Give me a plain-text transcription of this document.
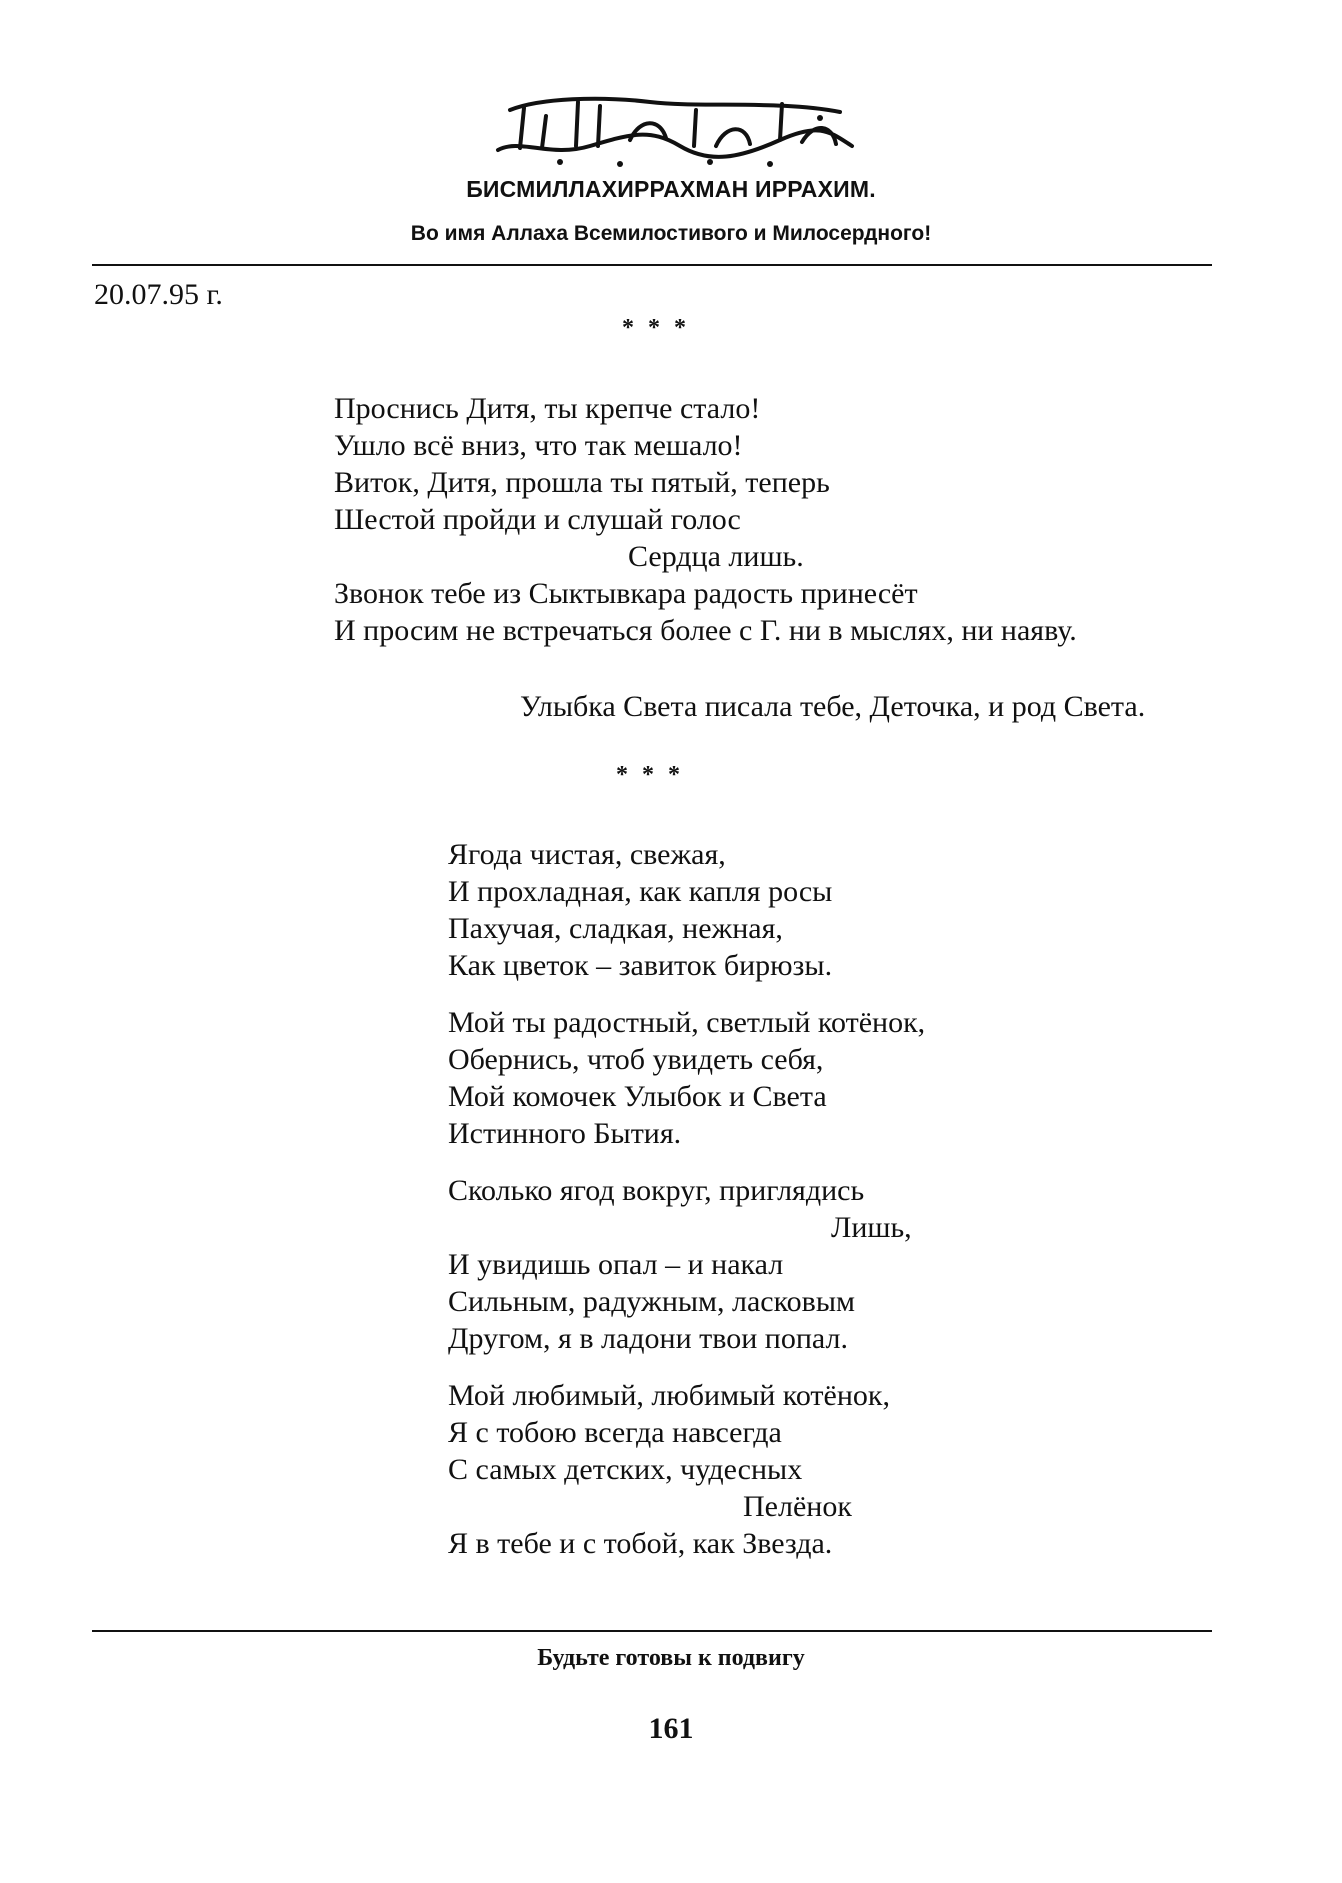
БИСМИЛЛАХИРРАХМАН ИРРАХИМ.
Во имя Аллаха Всемилостивого и Милосердного!
20.07.95 г.
* * *
Проснись Дитя, ты крепче стало!
Ушло всё вниз, что так мешало!
Виток, Дитя, прошла ты пятый, теперь
Шестой пройди и слушай голос
Сердца лишь.
Звонок тебе из Сыктывкара радость принесёт
И просим не встречаться более с Г. ни в мыслях, ни наяву.
Улыбка Света писала тебе, Деточка, и род Света.
* * *
Ягода чистая, свежая,
И прохладная, как капля росы
Пахучая, сладкая, нежная,
Как цветок – завиток бирюзы.
Мой ты радостный, светлый котёнок,
Обернись, чтоб увидеть себя,
Мой комочек Улыбок и Света
Истинного Бытия.
Сколько ягод вокруг, приглядись
Лишь,
И увидишь опал – и накал
Сильным, радужным, ласковым
Другом, я в ладони твои попал.
Мой любимый, любимый котёнок,
Я с тобою всегда навсегда
С самых детских, чудесных
Пелёнок
Я в тебе и с тобой, как Звезда.
Будьте готовы к подвигу
161
